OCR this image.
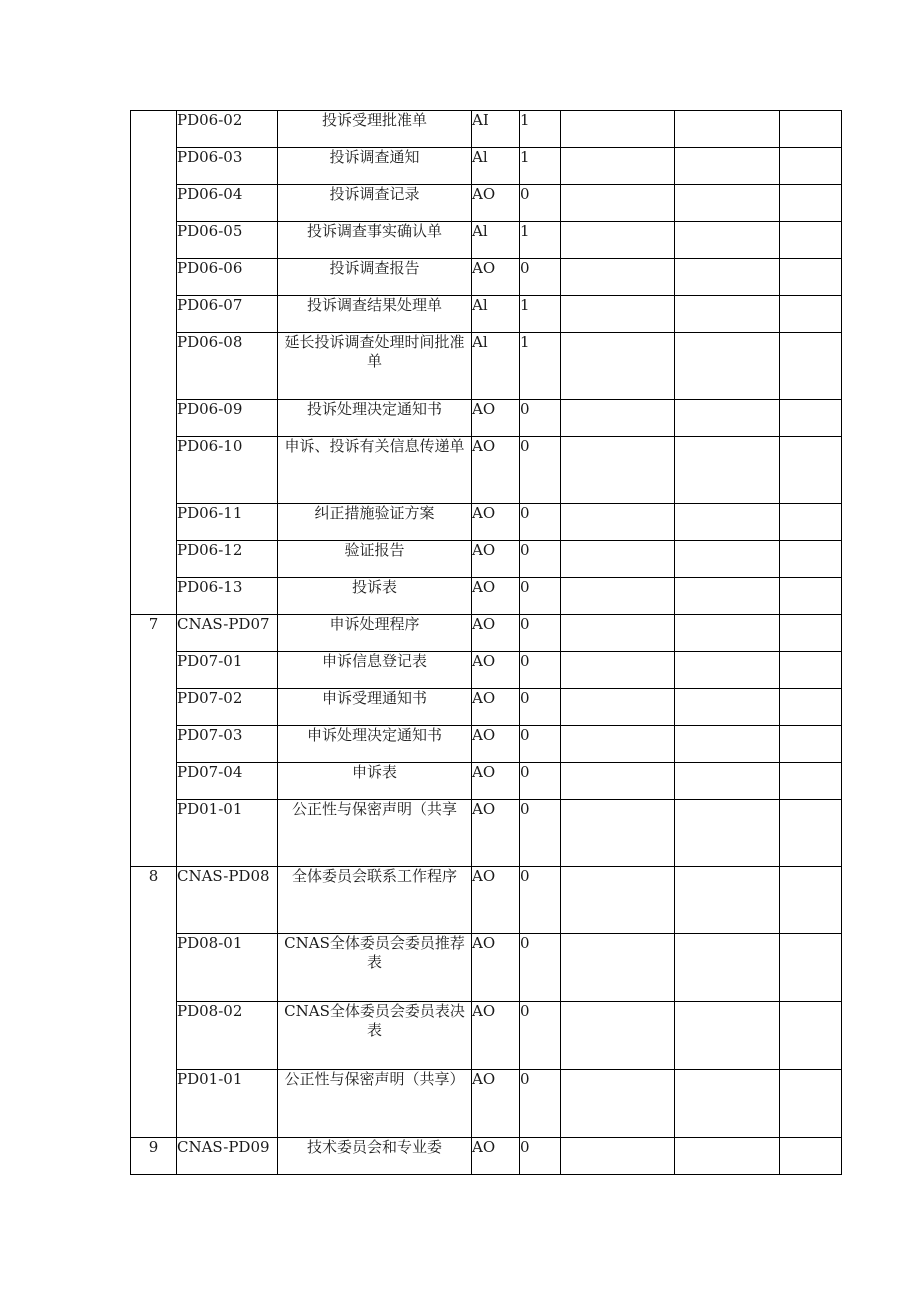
	PD06-02	投诉受理批准单	AI	1			
	PD06-03	投诉调查通知	Al	1			
	PD06-04	投诉调查记录	AO	0			
	PD06-05	投诉调查事实确认单	Al	1			
	PD06-06	投诉调查报告	AO	0			
	PD06-07	投诉调查结果处理单	Al	1			
	PD06-08	延长投诉调查处理时间批准单	Al	1			
	PD06-09	投诉处理决定通知书	AO	0			
	PD06-10	申诉、投诉有关信息传递单	AO	0			
	PD06-11	纠正措施验证方案	AO	0			
	PD06-12	验证报告	AO	0			
	PD06-13	投诉表	AO	0			
7	CNAS-PD07	申诉处理程序	AO	0			
	PD07-01	申诉信息登记表	AO	0			
	PD07-02	申诉受理通知书	AO	0			
	PD07-03	申诉处理决定通知书	AO	0			
	PD07-04	申诉表	AO	0			
	PD01-01	公正性与保密声明（共享	AO	0			
8	CNAS-PD08	全体委员会联系工作程序	AO	0			
	PD08-01	CNAS全体委员会委员推荐表	AO	0			
	PD08-02	CNAS全体委员会委员表决表	AO	0			
	PD01-01	公正性与保密声明（共享）	AO	0			
9	CNAS-PD09	技术委员会和专业委	AO	0			
